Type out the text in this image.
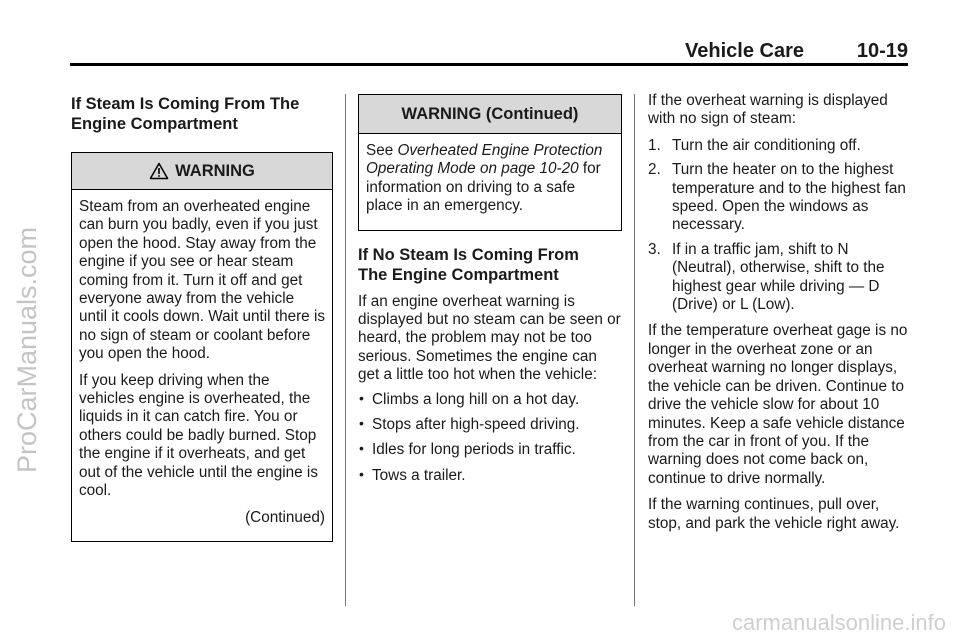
Vehicle Care	10-19
ProCarManuals.com
If Steam Is Coming From The
Engine Compartment
WARNING

Steam from an overheated engine can burn you badly, even if you just open the hood. Stay away from the engine if you see or hear steam coming from it. Turn it off and get everyone away from the vehicle until it cools down. Wait until there is no sign of steam or coolant before you open the hood.

If you keep driving when the vehicles engine is overheated, the liquids in it can catch fire. You or others could be badly burned. Stop the engine if it overheats, and get out of the vehicle until the engine is cool.

(Continued)

WARNING (Continued)

See Overheated Engine Protection Operating Mode on page 10-20 for information on driving to a safe place in an emergency.

If No Steam Is Coming From
The Engine Compartment

If an engine overheat warning is displayed but no steam can be seen or heard, the problem may not be too serious. Sometimes the engine can get a little too hot when the vehicle:

• Climbs a long hill on a hot day.
• Stops after high-speed driving.
• Idles for long periods in traffic.
• Tows a trailer.

If the overheat warning is displayed with no sign of steam:

1. Turn the air conditioning off.
2. Turn the heater on to the highest temperature and to the highest fan speed. Open the windows as necessary.
3. If in a traffic jam, shift to N (Neutral), otherwise, shift to the highest gear while driving — D (Drive) or L (Low).

If the temperature overheat gage is no longer in the overheat zone or an overheat warning no longer displays, the vehicle can be driven. Continue to drive the vehicle slow for about 10 minutes. Keep a safe vehicle distance from the car in front of you. If the warning does not come back on, continue to drive normally.

If the warning continues, pull over, stop, and park the vehicle right away.

carmanualsonline.info
